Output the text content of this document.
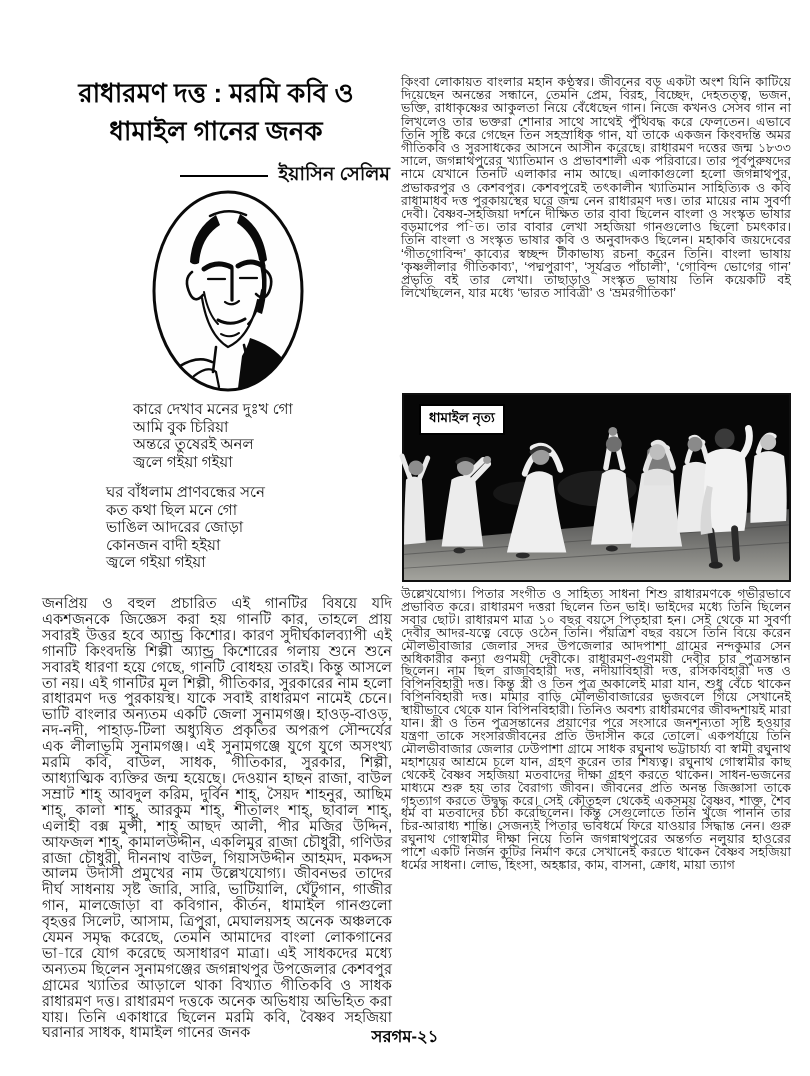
রাধারমণ দত্ত : মরমি কবি ও
ধামাইল গানের জনক
ইয়াসিন সেলিম
কারে দেখাব মনের দুঃখ গো
আমি বুক চিরিয়া
অন্তরে তুষেরই অনল
জ্বলে গইয়া গইয়া
ঘর বাঁধলাম প্রাণবন্ধের সনে
কত কথা ছিল মনে গো
ভাঙিল আদরের জোড়া
কোনজন বাদী হইয়া
জ্বলে গইয়া গইয়া
জনপ্রিয় ও বহুল প্রচারিত এই গানটির বিষয়ে যদি একশজনকে জিজ্ঞেস করা হয় গানটি কার, তাহলে প্রায় সবারই উত্তর হবে অ্যান্ড্র কিশোর। কারণ সুদীর্ঘকালব্যাপী এই গানটি কিংবদন্তি শিল্পী অ্যান্ড্র কিশোরের গলায় শুনে শুনে সবারই ধারণা হয়ে গেছে, গানটি বোধহয় তারই। কিন্তু আসলে তা নয়। এই গানটির মূল শিল্পী, গীতিকার, সুরকারের নাম হলো রাধারমণ দত্ত পুরকায়স্থ। যাকে সবাই রাধারমণ নামেই চেনে। ভাটি বাংলার অন্যতম একটি জেলা সুনামগঞ্জ। হাওড়-বাওড়, নদ-নদী, পাহাড়-টিলা অধ্যুষিত প্রকৃতির অপরূপ সৌন্দর্যের এক লীলাভূমি সুনামগঞ্জ। এই সুনামগঞ্জে যুগে যুগে অসংখ্য মরমি কবি, বাউল, সাধক, গীতিকার, সুরকার, শিল্পী, আধ্যাত্মিক ব্যক্তির জন্ম হয়েছে। দেওয়ান হাছন রাজা, বাউল সম্রাট শাহ্ আবদুল করিম, দুর্বিন শাহ্, সৈয়দ শাহনুর, আছিম শাহ্, কালা শাহ্, আরকুম শাহ্, শীতালং শাহ্, ছাবাল শাহ্, এলাহী বক্স মুন্সী, শাহ্ আছদ আলী, পীর মজির উদ্দিন, আফজল শাহ্, কামালউদ্দীন, একলিমুর রাজা চৌধুরী, গণিউর রাজা চৌধুরী, দীননাথ বাউল, গিয়াসউদ্দীন আহমদ, মকদ্দস আলম উদাসী প্রমুখের নাম উল্লেখযোগ্য। জীবনভর তাদের দীর্ঘ সাধনায় সৃষ্ট জারি, সারি, ভাটিয়ালি, ঘেঁটুগান, গাজীর গান, মালজোড়া বা কবিগান, কীর্তন, ধামাইল গানগুলো বৃহত্তর সিলেট, আসাম, ত্রিপুরা, মেঘালয়সহ অনেক অঞ্চলকে যেমন সমৃদ্ধ করেছে, তেমনি আমাদের বাংলা লোকগানের ভা-ারে যোগ করেছে অসাধারণ মাত্রা। এই সাধকদের মধ্যে অন্যতম ছিলেন সুনামগঞ্জের জগন্নাথপুর উপজেলার কেশবপুর গ্রামের খ্যাতির আড়ালে থাকা বিখ্যাত গীতিকবি ও সাধক রাধারমণ দত্ত। রাধারমণ দত্তকে অনেক অভিধায় অভিহিত করা যায়। তিনি একাধারে ছিলেন মরমি কবি, বৈষ্ণব সহজিয়া ঘরানার সাধক, ধামাইল গানের জনক
কিংবা লোকায়ত বাংলার মহান কণ্ঠস্বর। জীবনের বড় একটা অংশ যিনি কাটিয়ে দিয়েছেন অনন্তের সন্ধানে, তেমনি প্রেম, বিরহ, বিচ্ছেদ, দেহতত্ত্ব, ভজন, ভক্তি, রাধাকৃষ্ণের আকুলতা নিয়ে বেঁধেছেন গান। নিজে কখনও সেসব গান না লিখলেও তার ভক্তরা শোনার সাথে সাথেই পুঁথিবদ্ধ করে ফেলতেন। এভাবে তিনি সৃষ্টি করে গেছেন তিন সহস্রাধিক গান, যা তাকে একজন কিংবদন্তি অমর গীতিকবি ও সুরসাধকের আসনে আসীন করেছে। রাধারমণ দত্তের জন্ম ১৮৩৩ সালে, জগন্নাথপুরের খ্যাতিমান ও প্রভাবশালী এক পরিবারে। তার পূর্বপুরুষদের নামে যেখানে তিনটি এলাকার নাম আছে। এলাকাগুলো হলো জগন্নাথপুর, প্রভাকরপুর ও কেশবপুর। কেশবপুরেই তৎকালীন খ্যাতিমান সাহিত্যিক ও কবি রাধামাধব দত্ত পুরকায়স্থের ঘরে জন্ম নেন রাধারমণ দত্ত। তার মায়ের নাম সুবর্ণা দেবী। বৈষ্ণব-সহজিয়া দর্শনে দীক্ষিত তার বাবা ছিলেন বাংলা ও সংস্কৃত ভাষার বড়মাপের প-িত। তার বাবার লেখা সহজিয়া গানগুলোও ছিলো চমৎকার। তিনি বাংলা ও সংস্কৃত ভাষার কবি ও অনুবাদকও ছিলেন। মহাকবি জয়দেবের ‘গীতগোবিন্দ’ কাব্যের স্বচ্ছন্দ টীকাভাষ্য রচনা করেন তিনি। বাংলা ভাষায় ‘কৃষ্ণলীলার গীতিকাব্য’, ‘পদ্মপুরাণ’, ‘সূর্যব্রত পাঁচালী’, ‘গোবিন্দ ভোগের গান’ প্রভৃতি বই তার লেখা। তাছাড়াও সংস্কৃত ভাষায় তিনি কয়েকটি বই লিখেছিলেন, যার মধ্যে ‘ভারত সাবিত্রী’ ও ‘ভ্রমরগীতিকা’
ধামাইল নৃত্য
উল্লেখযোগ্য। পিতার সংগীত ও সাহিত্য সাধনা শিশু রাধারমণকে গভীরভাবে প্রভাবিত করে। রাধারমণ দত্তরা ছিলেন তিন ভাই। ভাইদের মধ্যে তিনি ছিলেন সবার ছোট। রাধারমণ মাত্র ১০ বছর বয়সে পিতৃহারা হন। সেই থেকে মা সুবর্ণা দেবীর আদর-যত্নে বেড়ে ওঠেন তিনি। পঁয়ত্রিশ বছর বয়সে তিনি বিয়ে করেন মৌলভীবাজার জেলার সদর উপজেলার আদপাশা গ্রামের নন্দকুমার সেন অধিকারীর কন্যা গুণময়ী দেবীকে। রাধারমণ-গুণময়ী দেবীর চার পুত্রসন্তান ছিলেন। নাম ছিল রাজবিহারী দত্ত, নদীয়াবিহারী দত্ত, রসিকবিহারী দত্ত ও বিপিনবিহারী দত্ত। কিন্তু স্ত্রী ও তিন পুত্র অকালেই মারা যান, শুধু বেঁচে থাকেন বিপিনবিহারী দত্ত। মামার বাড়ি মৌলভীবাজারের ভুজবলে গিয়ে সেখানেই স্থায়ীভাবে থেকে যান বিপিনবিহারী। তিনিও অবশ্য রাধারমণের জীবদ্দশায়ই মারা যান। স্ত্রী ও তিন পুত্রসন্তানের প্রয়াণের পরে সংসারে জনশূন্যতা সৃষ্টি হওয়ার যন্ত্রণা তাকে সংসারজীবনের প্রতি উদাসীন করে তোলে। একপর্যায়ে তিনি মৌলভীবাজার জেলার ঢেউপাশা গ্রামে সাধক রঘুনাথ ভট্টাচার্য্য বা স্বামী রঘুনাথ মহাশয়ের আশ্রমে চলে যান, গ্রহণ করেন তার শিষ্যত্ব। রঘুনাথ গোস্বামীর কাছ থেকেই বৈষ্ণব সহজিয়া মতবাদের দীক্ষা গ্রহণ করতে থাকেন। সাধন-ভজনের মাধ্যমে শুরু হয় তার বৈরাগ্য জীবন। জীবনের প্রতি অনন্ত জিজ্ঞাসা তাকে গৃহত্যাগ করতে উদ্বুদ্ধ করে। সেই কৌতূহল থেকেই একসময় বৈষ্ণব, শাক্ত, শৈব ধর্ম বা মতবাদের চর্চা করেছিলেন। কিন্তু সেগুলোতে তিনি খুঁজে পাননি তার চির-আরাধ্য শান্তি। সেজন্যই পিতার ভাবধর্মে ফিরে যাওয়ার সিদ্ধান্ত নেন। গুরু রঘুনাথ গোস্বামীর দীক্ষা নিয়ে তিনি জগন্নাথপুরের অন্তর্গত নলুয়ার হাওরের পাশে একটি নির্জন কুটির নির্মাণ করে সেখানেই করতে থাকেন বৈষ্ণব সহজিয়া ধর্মের সাধনা। লোভ, হিংসা, অহঙ্কার, কাম, বাসনা, ক্রোধ, মায়া ত্যাগ
সরগম-২১
